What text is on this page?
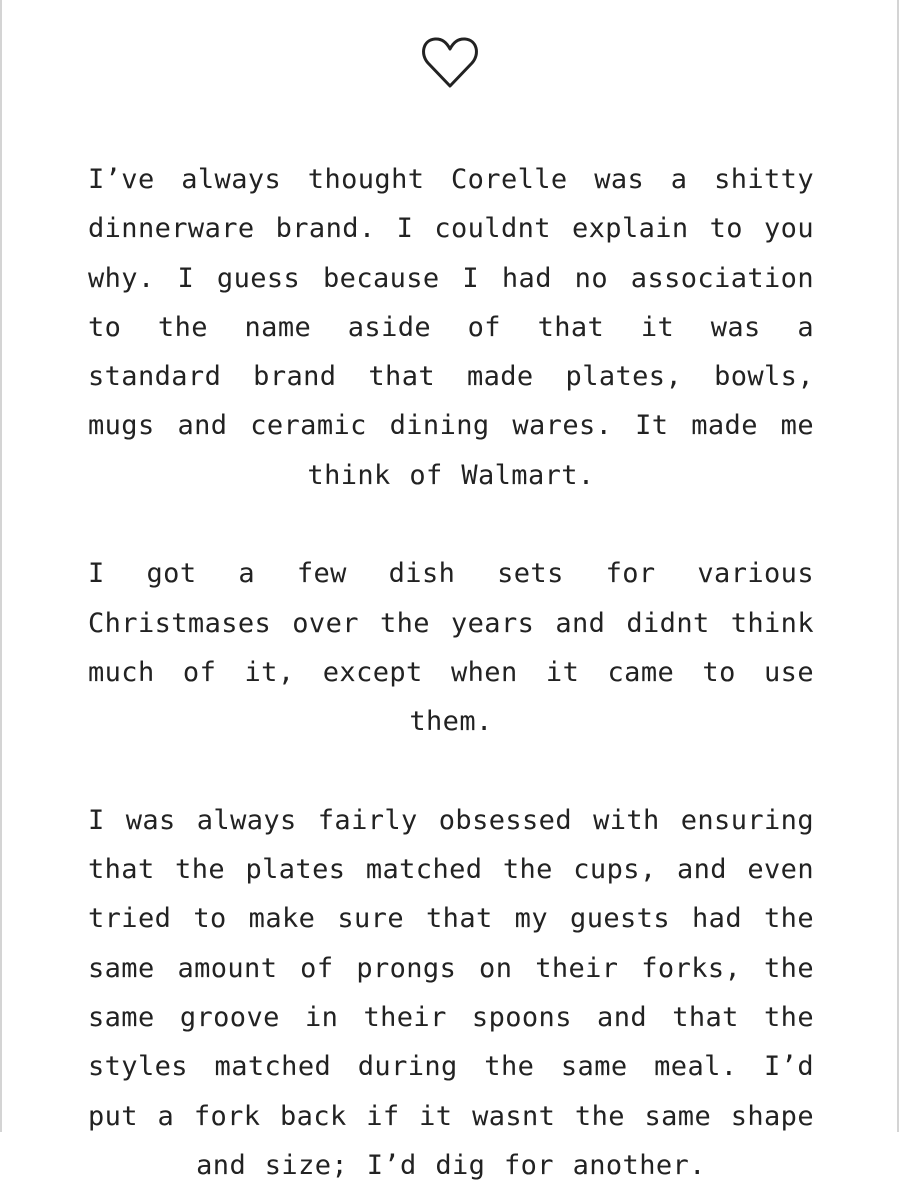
I’ve always thought Corelle was a shitty dinnerware brand. I couldnt explain to you why. I guess because I had no association to the name aside of that it was a standard brand that made plates, bowls, mugs and ceramic dining wares. It made me think of Walmart.

I got a few dish sets for various Christmases over the years and didnt think much of it, except when it came to use them.

I was always fairly obsessed with ensuring that the plates matched the cups, and even tried to make sure that my guests had the same amount of prongs on their forks, the same groove in their spoons and that the styles matched during the same meal. I’d put a fork back if it wasnt the same shape and size; I’d dig for another.
